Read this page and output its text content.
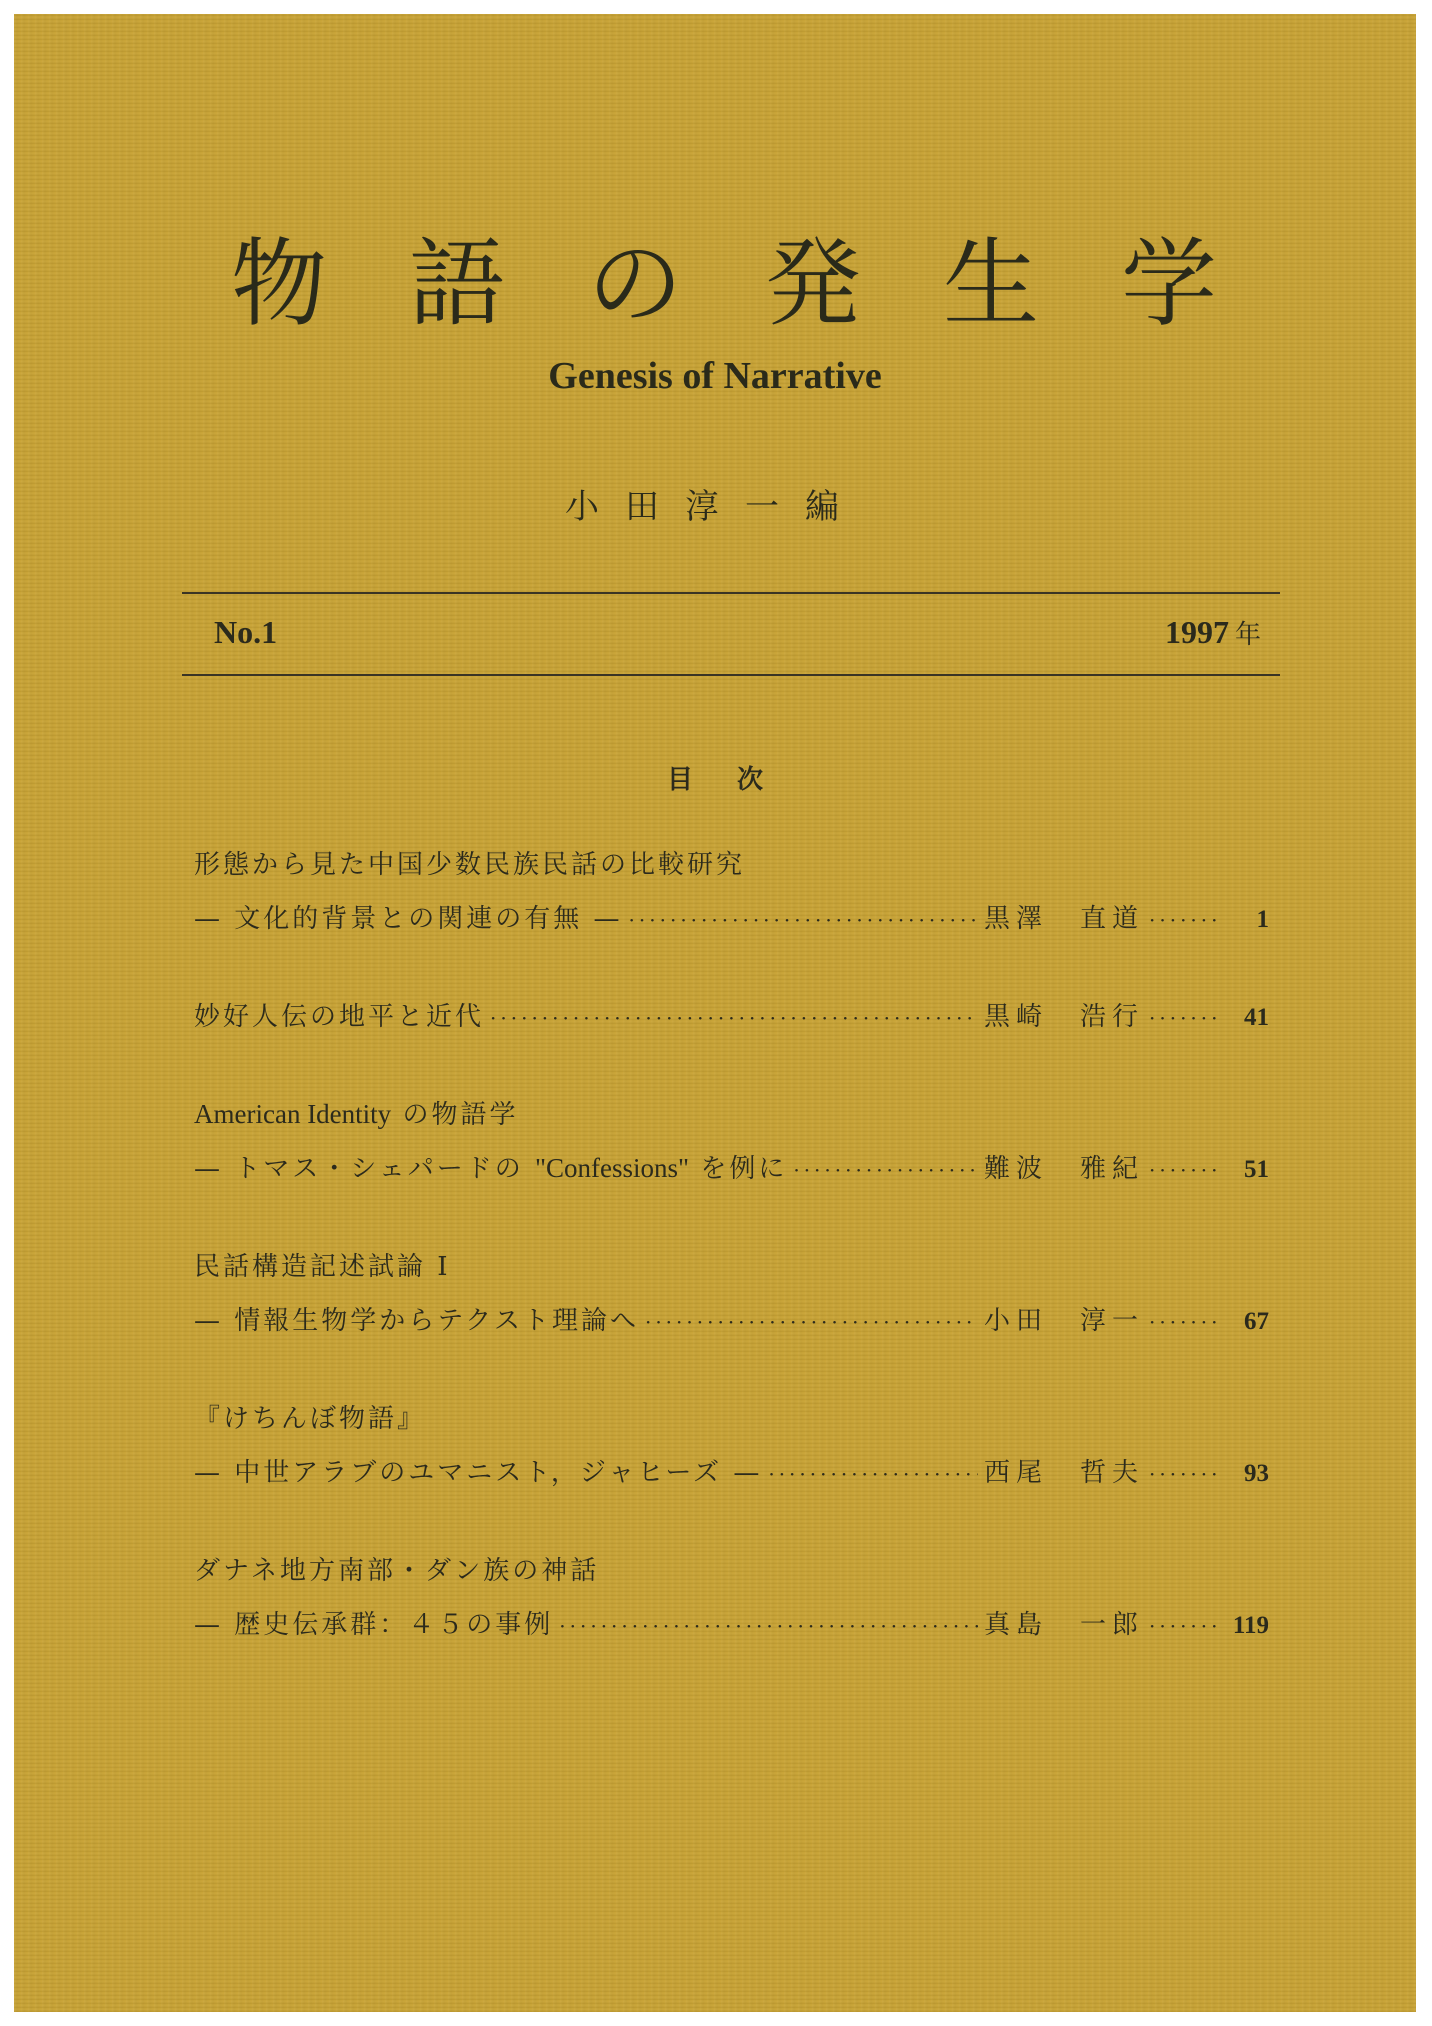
物 語 の 発 生 学
Genesis of Narrative
小田淳一編
No.1	1997 年
目次
形態から見た中国少数民族民話の比較研究
— 文化的背景との関連の有無 — ·····	黒澤　直道 ·····	1
妙好人伝の地平と近代 ·····	黒崎　浩行 ·····	41
American Identity の物語学
— トマス・シェパードの "Confessions" を例に ·····	難波　雅紀 ·····	51
民話構造記述試論 I
— 情報生物学からテクスト理論へ ·····	小田　淳一 ·····	67
『けちんぼ物語』
— 中世アラブのユマニスト，ジャヒーズ — ·····	西尾　哲夫 ·····	93
ダナネ地方南部・ダン族の神話
— 歴史伝承群：４５の事例 ·····	真島　一郎 ·····	119
